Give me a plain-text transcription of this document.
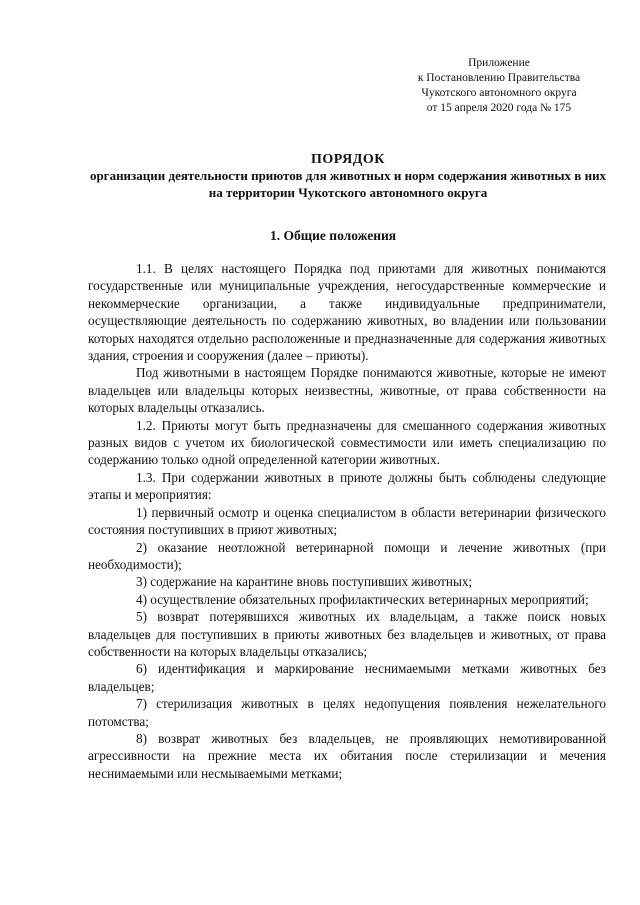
Приложение
к Постановлению Правительства
Чукотского автономного округа
от 15 апреля 2020 года № 175
ПОРЯДОК
организации деятельности приютов для животных и норм содержания животных в них на территории Чукотского автономного округа
1. Общие положения

1.1. В целях настоящего Порядка под приютами для животных понимаются государственные или муниципальные учреждения, негосударственные коммерческие и некоммерческие организации, а также индивидуальные предприниматели, осуществляющие деятельность по содержанию животных, во владении или пользовании которых находятся отдельно расположенные и предназначенные для содержания животных здания, строения и сооружения (далее – приюты).

Под животными в настоящем Порядке понимаются животные, которые не имеют владельцев или владельцы которых неизвестны, животные, от права собственности на которых владельцы отказались.

1.2. Приюты могут быть предназначены для смешанного содержания животных разных видов с учетом их биологической совместимости или иметь специализацию по содержанию только одной определенной категории животных.

1.3. При содержании животных в приюте должны быть соблюдены следующие этапы и мероприятия:

1) первичный осмотр и оценка специалистом в области ветеринарии физического состояния поступивших в приют животных;

2) оказание неотложной ветеринарной помощи и лечение животных (при необходимости);

3) содержание на карантине вновь поступивших животных;

4) осуществление обязательных профилактических ветеринарных мероприятий;

5) возврат потерявшихся животных их владельцам, а также поиск новых владельцев для поступивших в приюты животных без владельцев и животных, от права собственности на которых владельцы отказались;

6) идентификация и маркирование неснимаемыми метками животных без владельцев;

7) стерилизация животных в целях недопущения появления нежелательного потомства;

8) возврат животных без владельцев, не проявляющих немотивированной агрессивности на прежние места их обитания после стерилизации и мечения неснимаемыми или несмываемыми метками;
